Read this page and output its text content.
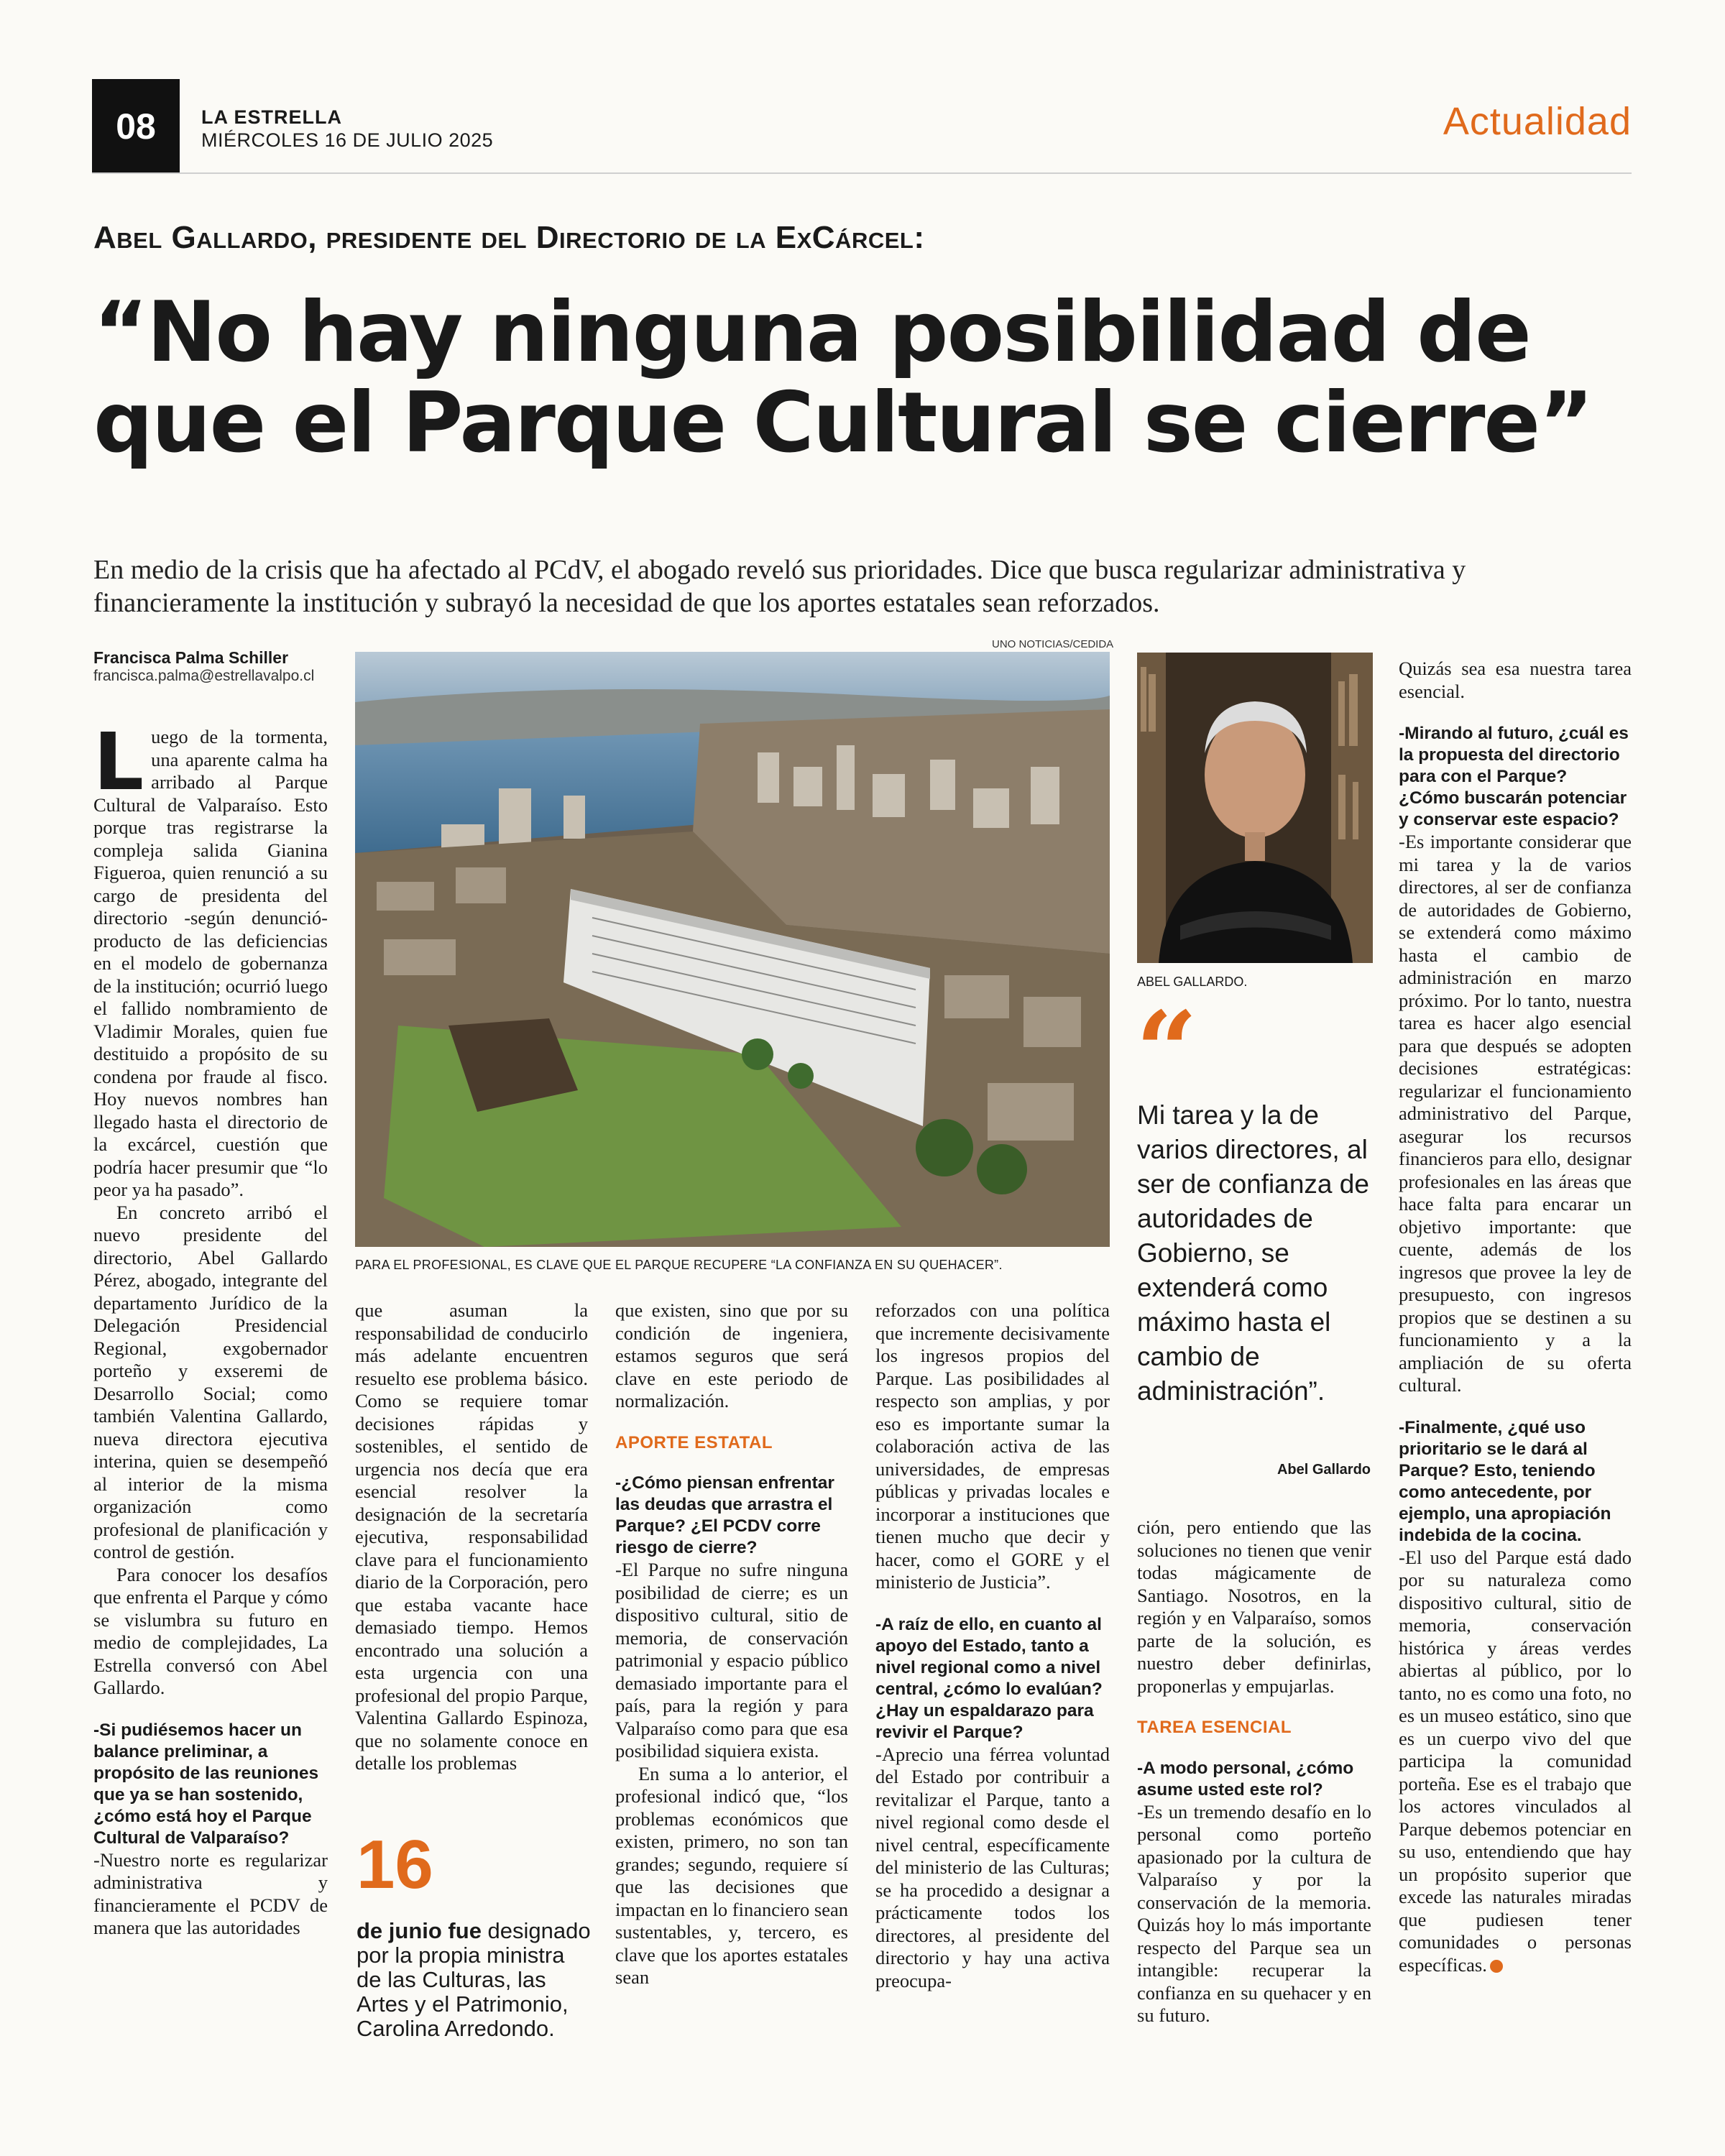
08	LA ESTRELLA
MIÉRCOLES 16 DE JULIO 2025	Actualidad
Abel Gallardo, presidente del Directorio de la ExCárcel:
“No hay ninguna posibilidad de que el Parque Cultural se cierre”
En medio de la crisis que ha afectado al PCdV, el abogado reveló sus prioridades. Dice que busca regularizar administrativa y financieramente la institución y subrayó la necesidad de que los aportes estatales sean reforzados.
Francisca Palma Schiller
francisca.palma@estrellavalpo.cl

Luego de la tormenta, una aparente calma ha arribado al Parque Cultural de Valparaíso. Esto porque tras registrarse la compleja salida Gianina Figueroa, quien renunció a su cargo de presidenta del directorio -según denunció- producto de las deficiencias en el modelo de gobernanza de la institución; ocurrió luego el fallido nombramiento de Vladimir Morales, quien fue destituido a propósito de su condena por fraude al fisco. Hoy nuevos nombres han llegado hasta el directorio de la excárcel, cuestión que podría hacer presumir que “lo peor ya ha pasado”.

En concreto arribó el nuevo presidente del directorio, Abel Gallardo Pérez, abogado, integrante del departamento Jurídico de la Delegación Presidencial Regional, exgobernador porteño y exseremi de Desarrollo Social; como también Valentina Gallardo, nueva directora ejecutiva interina, quien se desempeñó al interior de la misma organización como profesional de planificación y control de gestión.

Para conocer los desafíos que enfrenta el Parque y cómo se vislumbra su futuro en medio de complejidades, La Estrella conversó con Abel Gallardo.

-Si pudiésemos hacer un balance preliminar, a propósito de las reuniones que ya se han sostenido, ¿cómo está hoy el Parque Cultural de Valparaíso?

-Nuestro norte es regularizar administrativa y financieramente el PCDV de manera que las autoridades

UNO NOTICIAS/CEDIDA
PARA EL PROFESIONAL, ES CLAVE QUE EL PARQUE RECUPERE “LA CONFIANZA EN SU QUEHACER”.

que asuman la responsabilidad de conducirlo más adelante encuentren resuelto ese problema básico. Como se requiere tomar decisiones rápidas y sostenibles, el sentido de urgencia nos decía que era esencial resolver la designación de la secretaría ejecutiva, responsabilidad clave para el funcionamiento diario de la Corporación, pero que estaba vacante hace demasiado tiempo. Hemos encontrado una solución a esta urgencia con una profesional del propio Parque, Valentina Gallardo Espinoza, que no solamente conoce en detalle los problemas

16
de junio fue designado por la propia ministra de las Culturas, las Artes y el Patrimonio, Carolina Arredondo.

que existen, sino que por su condición de ingeniera, estamos seguros que será clave en este periodo de normalización.

APORTE ESTATAL

-¿Cómo piensan enfrentar las deudas que arrastra el Parque? ¿El PCDV corre riesgo de cierre?

-El Parque no sufre ninguna posibilidad de cierre; es un dispositivo cultural, sitio de memoria, de conservación patrimonial y espacio público demasiado importante para el país, para la región y para Valparaíso como para que esa posibilidad siquiera exista.

En suma a lo anterior, el profesional indicó que, “los problemas económicos que existen, primero, no son tan grandes; segundo, requiere sí que las decisiones que impactan en lo financiero sean sustentables, y, tercero, es clave que los aportes estatales sean

reforzados con una política que incremente decisivamente los ingresos propios del Parque. Las posibilidades al respecto son amplias, y por eso es importante sumar la colaboración activa de las universidades, de empresas públicas y privadas locales e incorporar a instituciones que tienen mucho que decir y hacer, como el GORE y el ministerio de Justicia”.

-A raíz de ello, en cuanto al apoyo del Estado, tanto a nivel regional como a nivel central, ¿cómo lo evalúan? ¿Hay un espaldarazo para revivir el Parque?

-Aprecio una férrea voluntad del Estado por contribuir a revitalizar el Parque, tanto a nivel regional como desde el nivel central, específicamente del ministerio de las Culturas; se ha procedido a designar a prácticamente todos los directores, al presidente del directorio y hay una activa preocupa-

ABEL GALLARDO.
“
Mi tarea y la de varios directores, al ser de confianza de autoridades de Gobierno, se extenderá como máximo hasta el cambio de administración”.
Abel Gallardo

ción, pero entiendo que las soluciones no tienen que venir todas mágicamente de Santiago. Nosotros, en la región y en Valparaíso, somos parte de la solución, es nuestro deber definirlas, proponerlas y empujarlas.

TAREA ESENCIAL

-A modo personal, ¿cómo asume usted este rol?

-Es un tremendo desafío en lo personal como porteño apasionado por la cultura de Valparaíso y por la conservación de la memoria. Quizás hoy lo más importante respecto del Parque sea un intangible: recuperar la confianza en su quehacer y en su futuro.

Quizás sea esa nuestra tarea esencial.

-Mirando al futuro, ¿cuál es la propuesta del directorio para con el Parque? ¿Cómo buscarán potenciar y conservar este espacio?

-Es importante considerar que mi tarea y la de varios directores, al ser de confianza de autoridades de Gobierno, se extenderá como máximo hasta el cambio de administración en marzo próximo. Por lo tanto, nuestra tarea es hacer algo esencial para que después se adopten decisiones estratégicas: regularizar el funcionamiento administrativo del Parque, asegurar los recursos financieros para ello, designar profesionales en las áreas que hace falta para encarar un objetivo importante: que cuente, además de los ingresos que provee la ley de presupuesto, con ingresos propios que se destinen a su funcionamiento y a la ampliación de su oferta cultural.

-Finalmente, ¿qué uso prioritario se le dará al Parque? Esto, teniendo como antecedente, por ejemplo, una apropiación indebida de la cocina.

-El uso del Parque está dado por su naturaleza como dispositivo cultural, sitio de memoria, conservación histórica y áreas verdes abiertas al público, por lo tanto, no es como una foto, no es un museo estático, sino que es un cuerpo vivo del que participa la comunidad porteña. Ese es el trabajo que los actores vinculados al Parque debemos potenciar en su uso, entendiendo que hay un propósito superior que excede las naturales miradas que pudiesen tener comunidades o personas específicas.
